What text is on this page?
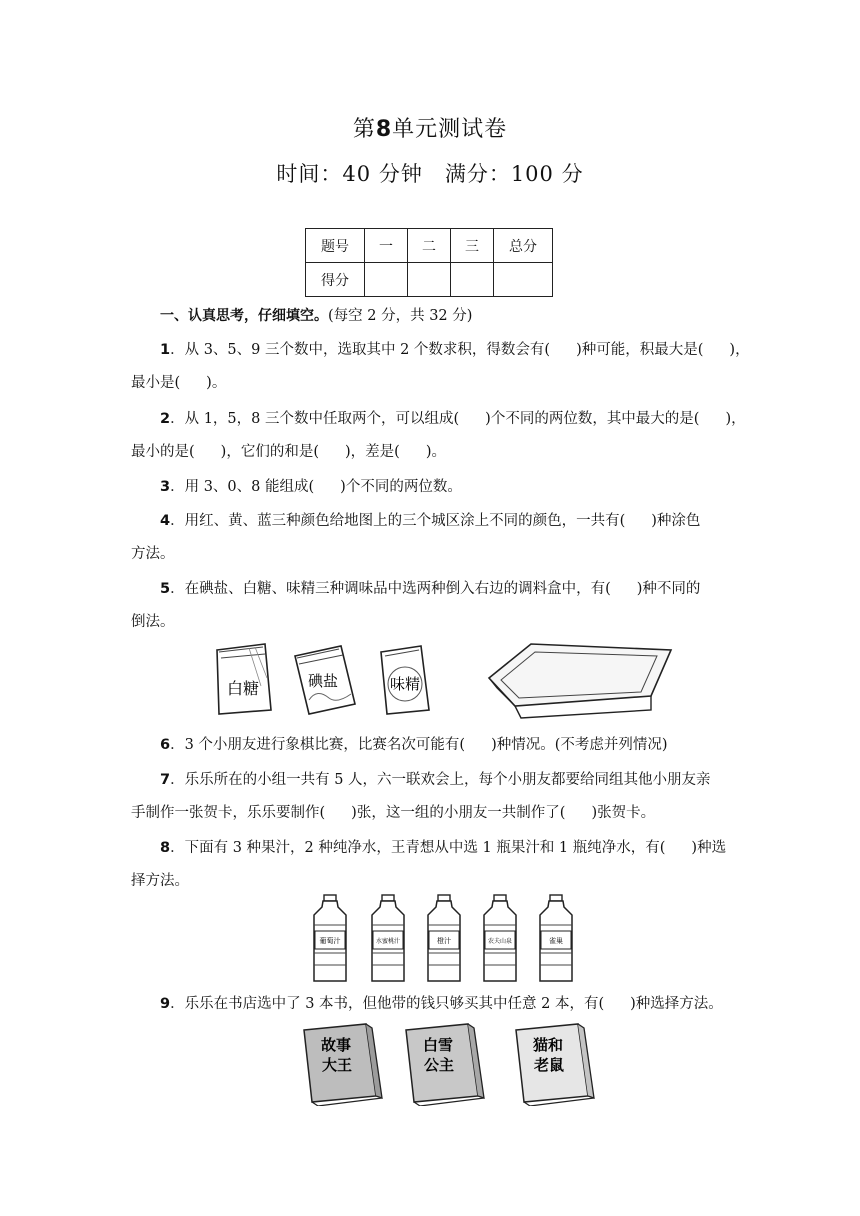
第8单元测试卷
时间：40 分钟　满分：100 分
题号	一	二	三	总分
得分				
一、认真思考，仔细填空。(每空 2 分，共 32 分)
1．从 3、5、9 三个数中，选取其中 2 个数求积，得数会有( )种可能，积最大是( )，
最小是( )。
2．从 1，5，8 三个数中任取两个，可以组成( )个不同的两位数，其中最大的是( )，
最小的是( )，它们的和是( )，差是( )。
3．用 3、0、8 能组成( )个不同的两位数。
4．用红、黄、蓝三种颜色给地图上的三个城区涂上不同的颜色，一共有( )种涂色
方法。
5．在碘盐、白糖、味精三种调味品中选两种倒入右边的调料盒中，有( )种不同的
倒法。
白糖	碘盐	味精
6．3 个小朋友进行象棋比赛，比赛名次可能有( )种情况。(不考虑并列情况)
7．乐乐所在的小组一共有 5 人，六一联欢会上，每个小朋友都要给同组其他小朋友亲
手制作一张贺卡，乐乐要制作( )张，这一组的小朋友一共制作了( )张贺卡。
8．下面有 3 种果汁，2 种纯净水，王青想从中选 1 瓶果汁和 1 瓶纯净水，有( )种选
择方法。
葡萄汁	水蜜桃汁	橙汁	农夫山泉	雀巢
9．乐乐在书店选中了 3 本书，但他带的钱只够买其中任意 2 本，有( )种选择方法。
故事
大王
白雪
公主
猫和
老鼠
